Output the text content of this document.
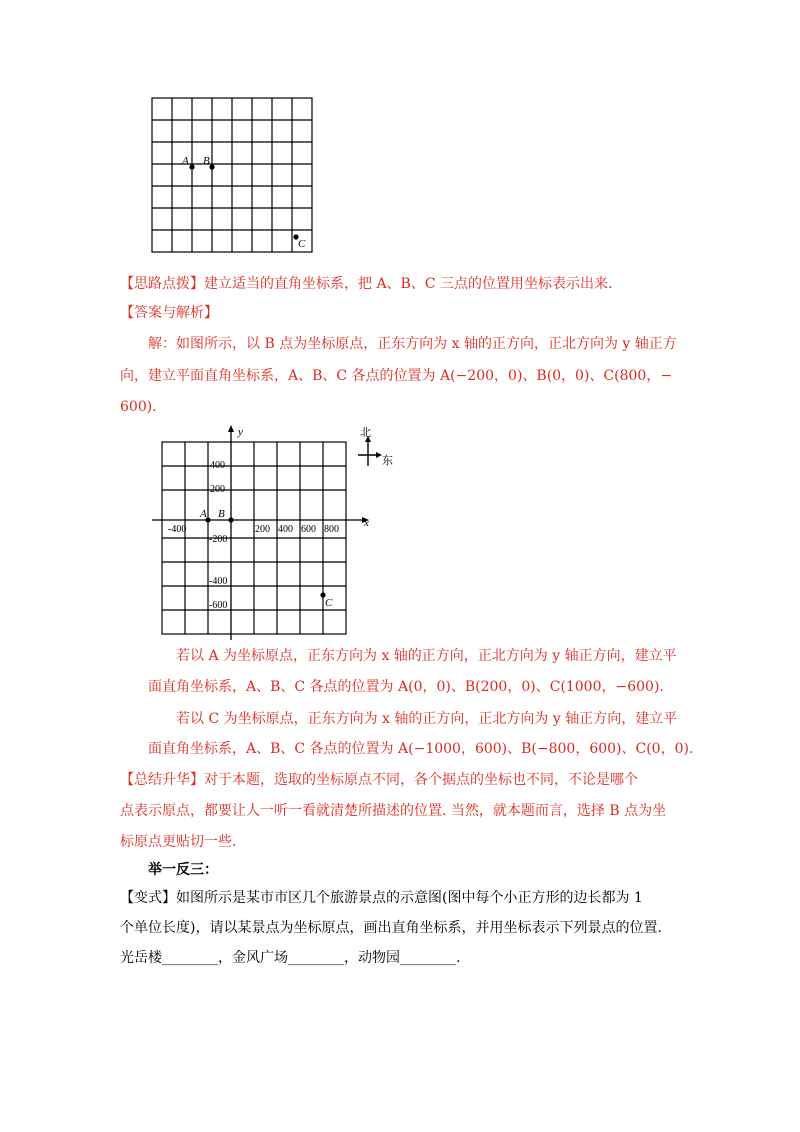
A B
C
【思路点拨】建立适当的直角坐标系，把 A、B、C 三点的位置用坐标表示出来.
【答案与解析】
解：如图所示，以 B 点为坐标原点，正东方向为 x 轴的正方向，正北方向为 y 轴正方
向，建立平面直角坐标系，A、B、C 各点的位置为 A(−200，0)、B(0，0)、C(800，−
600).
x
y
-400	200 400 600 800
400
200
-200
-400
-600
A B
C
北
东
若以 A 为坐标原点，正东方向为 x 轴的正方向，正北方向为 y 轴正方向，建立平
面直角坐标系，A、B、C 各点的位置为 A(0，0)、B(200，0)、C(1000，−600).
若以 C 为坐标原点，正东方向为 x 轴的正方向，正北方向为 y 轴正方向，建立平
面直角坐标系，A、B、C 各点的位置为 A(−1000，600)、B(−800，600)、C(0，0).
【总结升华】对于本题，选取的坐标原点不同，各个据点的坐标也不同，不论是哪个
点表示原点，都要让人一听一看就清楚所描述的位置. 当然，就本题而言，选择 B 点为坐
标原点更贴切一些.
举一反三：
【变式】如图所示是某市市区几个旅游景点的示意图(图中每个小正方形的边长都为 1
个单位长度)，请以某景点为坐标原点，画出直角坐标系，并用坐标表示下列景点的位置.
光岳楼________，金风广场________，动物园________.
